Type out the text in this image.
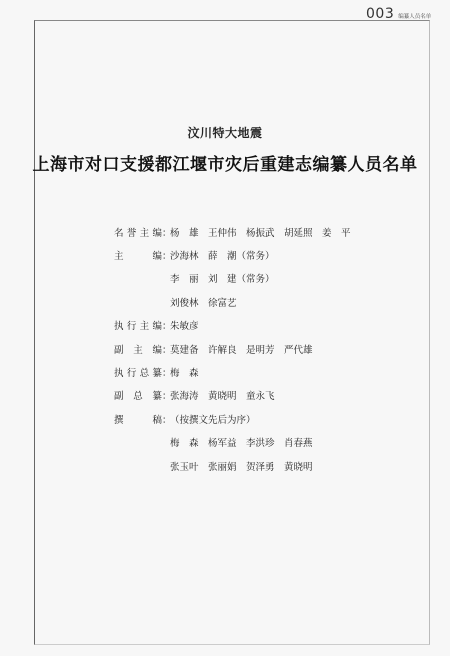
003 编纂人员名单
汶川特大地震
上海市对口支援都江堰市灾后重建志编纂人员名单
名誉主编 ：
杨　雄　王仲伟　杨振武　胡延照　姜　平
主　编 ：
沙海林　薛　潮（常务）
李　丽　刘　建（常务）
刘俊林　徐富艺
执行主编 ：
朱敏彦
副 主 编 ：
莫建备　许解良　是明芳　严代雄
执行总纂 ：
梅　森
副 总 纂 ：
张海涛　黄晓明　童永飞
撰　稿 ：
（按撰文先后为序）
梅　森　杨军益　李洪珍　肖春燕
张玉叶　张丽娟　贺泽勇　黄晓明
